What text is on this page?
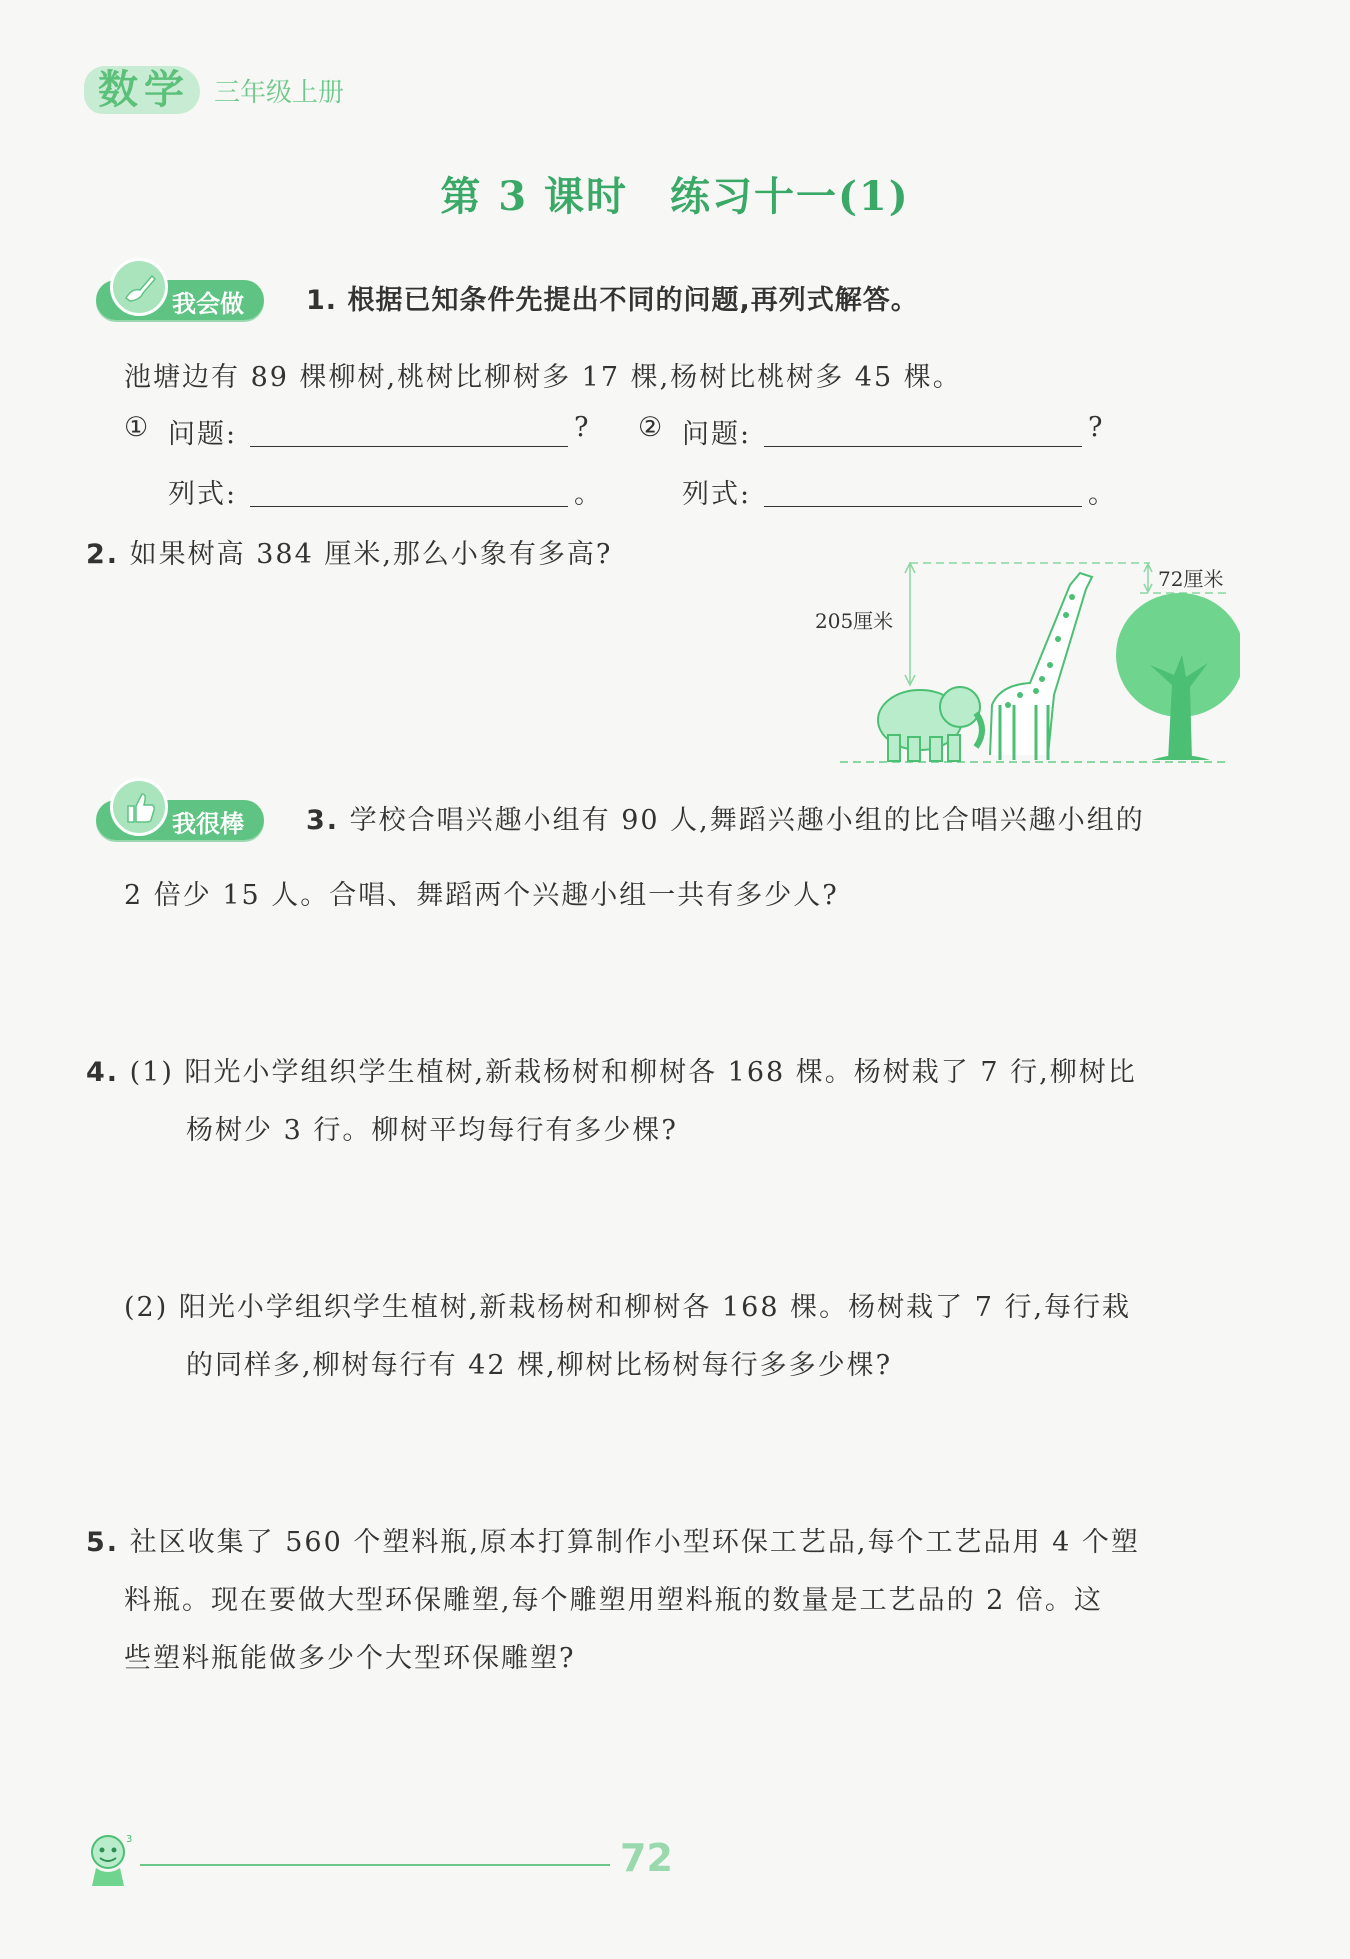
数学 三年级上册
第 3 课时　练习十一(1)
我会做 1. 根据已知条件先提出不同的问题,再列式解答。
池塘边有 89 棵柳树,桃树比柳树多 17 棵,杨树比桃树多 45 棵。
① 问题:	? ② 问题:	?
列式:	。	列式:	。
2. 如果树高 384 厘米,那么小象有多高?
205厘米
72厘米
我很棒 3. 学校合唱兴趣小组有 90 人,舞蹈兴趣小组的比合唱兴趣小组的
2 倍少 15 人。合唱、舞蹈两个兴趣小组一共有多少人?
4. (1) 阳光小学组织学生植树,新栽杨树和柳树各 168 棵。杨树栽了 7 行,柳树比
杨树少 3 行。柳树平均每行有多少棵?
(2) 阳光小学组织学生植树,新栽杨树和柳树各 168 棵。杨树栽了 7 行,每行栽
的同样多,柳树每行有 42 棵,柳树比杨树每行多多少棵?
5. 社区收集了 560 个塑料瓶,原本打算制作小型环保工艺品,每个工艺品用 4 个塑
料瓶。现在要做大型环保雕塑,每个雕塑用塑料瓶的数量是工艺品的 2 倍。这
些塑料瓶能做多少个大型环保雕塑?
3	72
